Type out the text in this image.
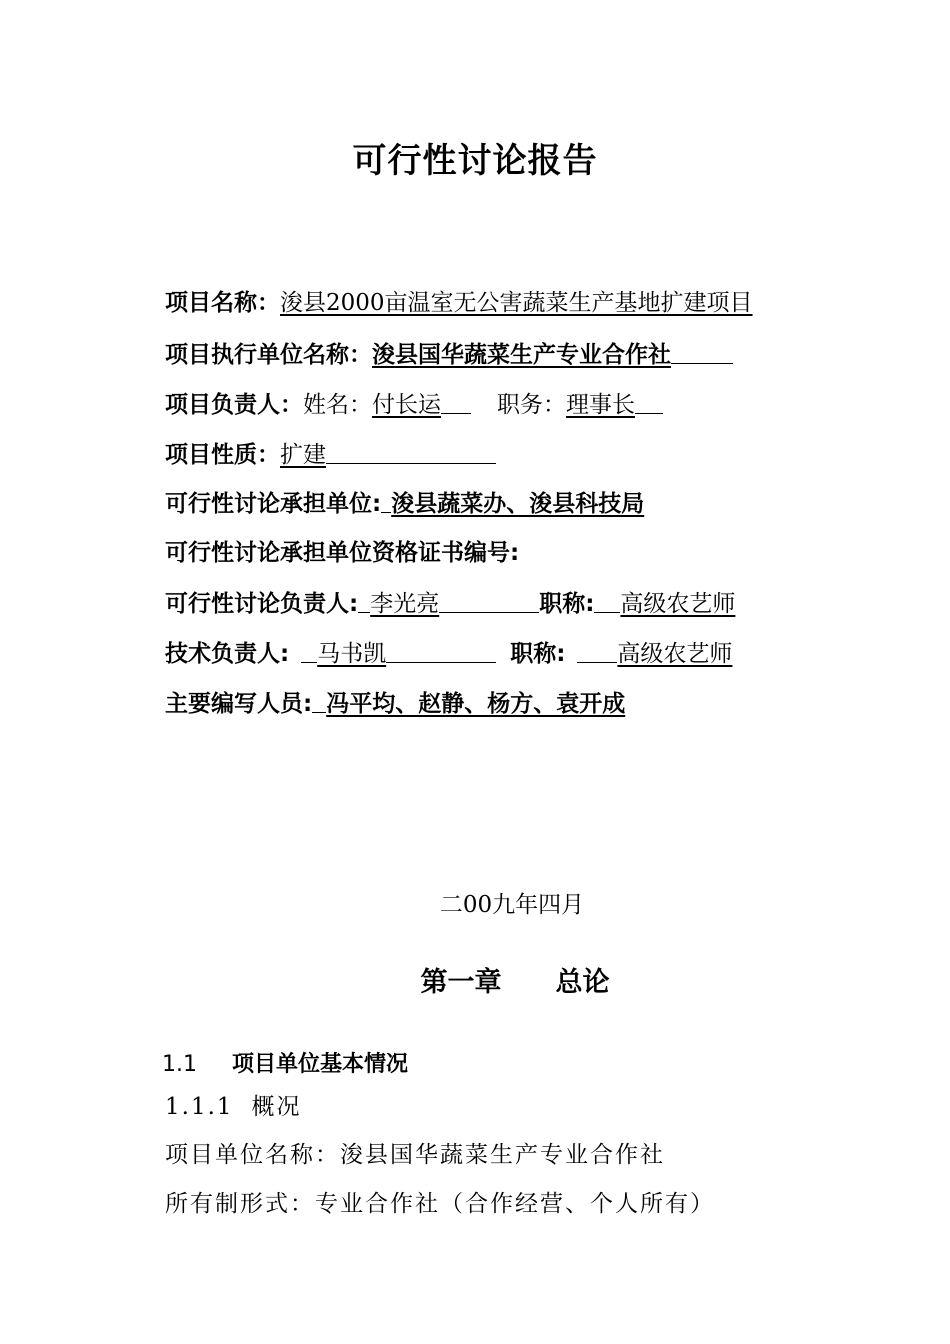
可行性讨论报告
项目名称：浚县2000亩温室无公害蔬菜生产基地扩建项目
项目执行单位名称：浚县国华蔬菜生产专业合作社
项目负责人：姓名：付长运 职务：理事长
项目性质：扩建
可行性讨论承担单位: 浚县蔬菜办、浚县科技局
可行性讨论承担单位资格证书编号:
可行性讨论负责人: 李光亮	职称: 高级农艺师
技术负责人: 马书凯	职称: 高级农艺师
主要编写人员: 冯平均、赵静、杨方、袁开成
二00九年四月
第一章 总论
1.1 项目单位基本情况
1.1.1 概况
项目单位名称：浚县国华蔬菜生产专业合作社
所有制形式：专业合作社（合作经营、个人所有）
